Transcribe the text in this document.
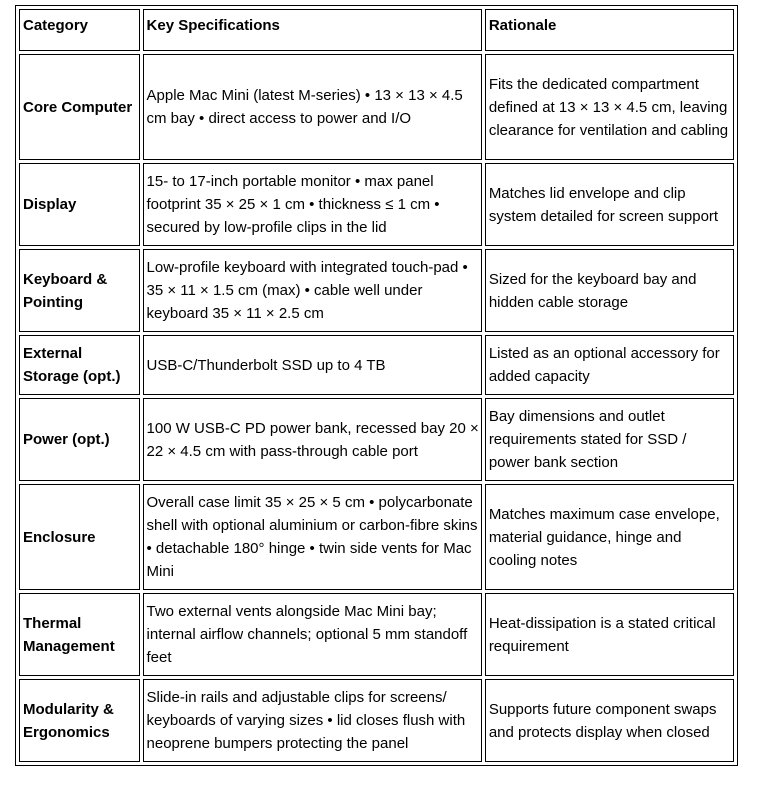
Category	Key Specifications	Rationale
Core Computer	Apple Mac Mini (latest M-series) • 13 × 13 × 4.5 cm bay • direct access to power and I/O	Fits the dedicated compartment defined at 13 × 13 × 4.5 cm, leaving clearance for ventilation and cabling
Display	15- to 17-inch portable monitor • max panel footprint 35 × 25 × 1 cm • thickness ≤ 1 cm • secured by low-profile clips in the lid	Matches lid envelope and clip system detailed for screen support
Keyboard & Pointing	Low-profile keyboard with integrated touch-pad • 35 × 11 × 1.5 cm (max) • cable well under keyboard 35 × 11 × 2.5 cm	Sized for the keyboard bay and hidden cable storage
External Storage (opt.)	USB-C/Thunderbolt SSD up to 4 TB	Listed as an optional accessory for added capacity
Power (opt.)	100 W USB-C PD power bank, recessed bay 20 × 22 × 4.5 cm with pass-through cable port	Bay dimensions and outlet requirements stated for SSD / power bank section
Enclosure	Overall case limit 35 × 25 × 5 cm • polycarbonate shell with optional aluminium or carbon-fibre skins • detachable 180° hinge • twin side vents for Mac Mini	Matches maximum case envelope, material guidance, hinge and cooling notes
Thermal Management	Two external vents alongside Mac Mini bay; internal airflow channels; optional 5 mm standoff feet	Heat-dissipation is a stated critical requirement
Modularity & Ergonomics	Slide-in rails and adjustable clips for screens/ keyboards of varying sizes • lid closes flush with neoprene bumpers protecting the panel	Supports future component swaps and protects display when closed
